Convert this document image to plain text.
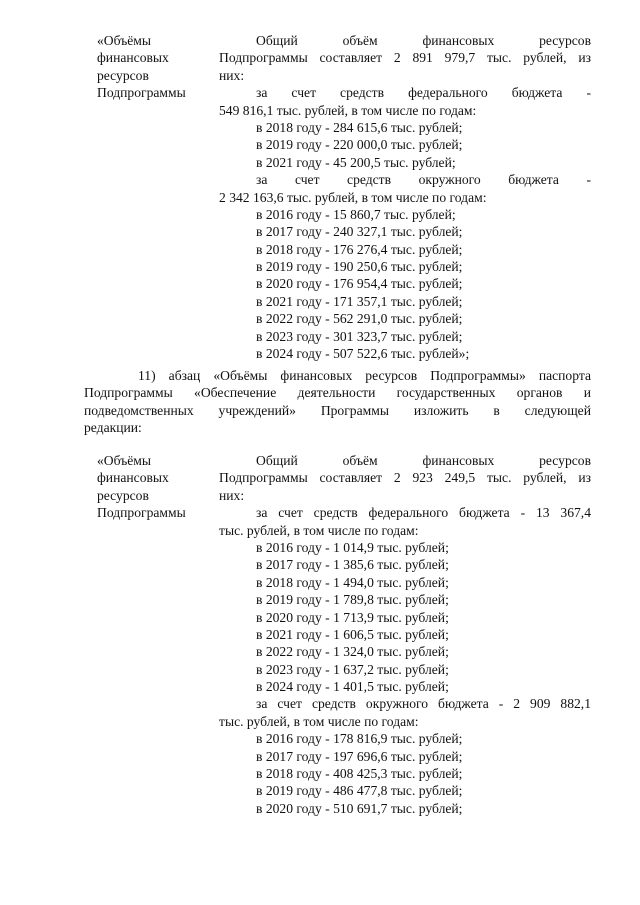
«Объёмы
финансовых
ресурсов
Подпрограммы
Общий объём финансовых ресурсов
Подпрограммы составляет 2 891 979,7 тыс. рублей, из
них:
за счет средств федерального бюджета -
549 816,1 тыс. рублей, в том числе по годам:
в 2018 году - 284 615,6 тыс. рублей;
в 2019 году - 220 000,0 тыс. рублей;
в 2021 году - 45 200,5 тыс. рублей;
за счет средств окружного бюджета -
2 342 163,6 тыс. рублей, в том числе по годам:
в 2016 году - 15 860,7 тыс. рублей;
в 2017 году - 240 327,1 тыс. рублей;
в 2018 году - 176 276,4 тыс. рублей;
в 2019 году - 190 250,6 тыс. рублей;
в 2020 году - 176 954,4 тыс. рублей;
в 2021 году - 171 357,1 тыс. рублей;
в 2022 году - 562 291,0 тыс. рублей;
в 2023 году - 301 323,7 тыс. рублей;
в 2024 году - 507 522,6 тыс. рублей»;
11) абзац «Объёмы финансовых ресурсов Подпрограммы» паспорта
Подпрограммы «Обеспечение деятельности государственных органов и
подведомственных учреждений» Программы изложить в следующей
редакции:
«Объёмы
финансовых
ресурсов
Подпрограммы
Общий объём финансовых ресурсов
Подпрограммы составляет 2 923 249,5 тыс. рублей, из
них:
за счет средств федерального бюджета - 13 367,4
тыс. рублей, в том числе по годам:
в 2016 году - 1 014,9 тыс. рублей;
в 2017 году - 1 385,6 тыс. рублей;
в 2018 году - 1 494,0 тыс. рублей;
в 2019 году - 1 789,8 тыс. рублей;
в 2020 году - 1 713,9 тыс. рублей;
в 2021 году - 1 606,5 тыс. рублей;
в 2022 году - 1 324,0 тыс. рублей;
в 2023 году - 1 637,2 тыс. рублей;
в 2024 году - 1 401,5 тыс. рублей;
за счет средств окружного бюджета - 2 909 882,1
тыс. рублей, в том числе по годам:
в 2016 году - 178 816,9 тыс. рублей;
в 2017 году - 197 696,6 тыс. рублей;
в 2018 году - 408 425,3 тыс. рублей;
в 2019 году - 486 477,8 тыс. рублей;
в 2020 году - 510 691,7 тыс. рублей;
